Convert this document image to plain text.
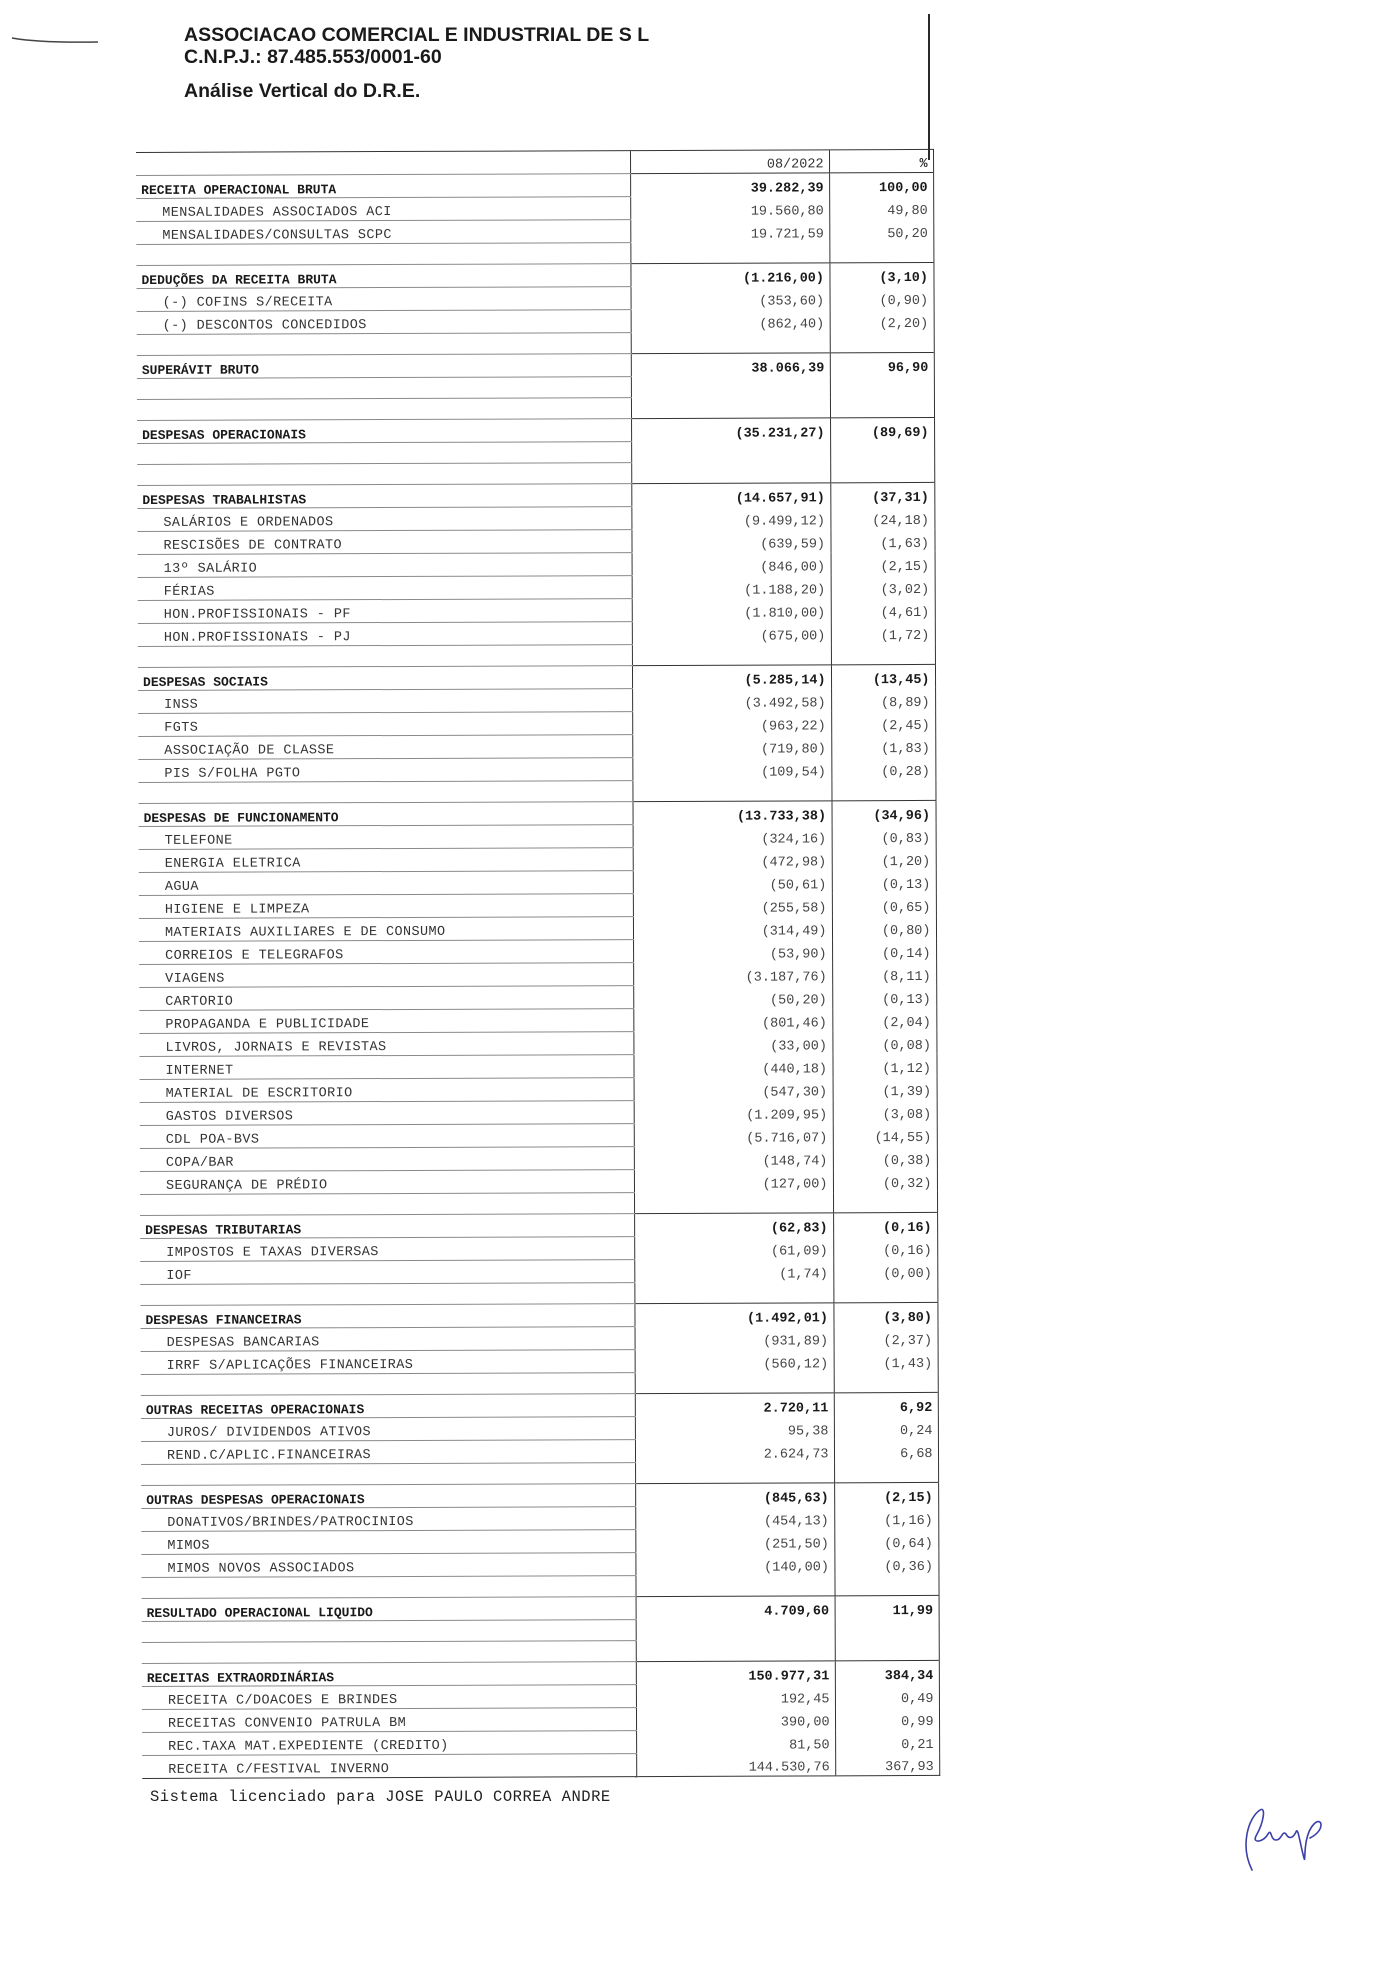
ASSOCIACAO COMERCIAL E INDUSTRIAL DE S L
C.N.P.J.: 87.485.553/0001-60
Análise Vertical do D.R.E.
	08/2022	%
RECEITA OPERACIONAL BRUTA	39.282,39	100,00
MENSALIDADES ASSOCIADOS ACI	19.560,80	49,80
MENSALIDADES/CONSULTAS SCPC	19.721,59	50,20

DEDUÇÕES DA RECEITA BRUTA	(1.216,00)	(3,10)
(-) COFINS S/RECEITA	(353,60)	(0,90)
(-) DESCONTOS CONCEDIDOS	(862,40)	(2,20)

SUPERÁVIT BRUTO	38.066,39	96,90

DESPESAS OPERACIONAIS	(35.231,27)	(89,69)

DESPESAS TRABALHISTAS	(14.657,91)	(37,31)
SALÁRIOS E ORDENADOS	(9.499,12)	(24,18)
RESCISÕES DE CONTRATO	(639,59)	(1,63)
13º SALÁRIO	(846,00)	(2,15)
FÉRIAS	(1.188,20)	(3,02)
HON.PROFISSIONAIS - PF	(1.810,00)	(4,61)
HON.PROFISSIONAIS - PJ	(675,00)	(1,72)

DESPESAS SOCIAIS	(5.285,14)	(13,45)
INSS	(3.492,58)	(8,89)
FGTS	(963,22)	(2,45)
ASSOCIAÇÃO DE CLASSE	(719,80)	(1,83)
PIS S/FOLHA PGTO	(109,54)	(0,28)

DESPESAS DE FUNCIONAMENTO	(13.733,38)	(34,96)
TELEFONE	(324,16)	(0,83)
ENERGIA ELETRICA	(472,98)	(1,20)
AGUA	(50,61)	(0,13)
HIGIENE E LIMPEZA	(255,58)	(0,65)
MATERIAIS AUXILIARES E DE CONSUMO	(314,49)	(0,80)
CORREIOS E TELEGRAFOS	(53,90)	(0,14)
VIAGENS	(3.187,76)	(8,11)
CARTORIO	(50,20)	(0,13)
PROPAGANDA E PUBLICIDADE	(801,46)	(2,04)
LIVROS, JORNAIS E REVISTAS	(33,00)	(0,08)
INTERNET	(440,18)	(1,12)
MATERIAL DE ESCRITORIO	(547,30)	(1,39)
GASTOS DIVERSOS	(1.209,95)	(3,08)
CDL POA-BVS	(5.716,07)	(14,55)
COPA/BAR	(148,74)	(0,38)
SEGURANÇA DE PRÉDIO	(127,00)	(0,32)

DESPESAS TRIBUTARIAS	(62,83)	(0,16)
IMPOSTOS E TAXAS DIVERSAS	(61,09)	(0,16)
IOF	(1,74)	(0,00)

DESPESAS FINANCEIRAS	(1.492,01)	(3,80)
DESPESAS BANCARIAS	(931,89)	(2,37)
IRRF S/APLICAÇÕES FINANCEIRAS	(560,12)	(1,43)

OUTRAS RECEITAS OPERACIONAIS	2.720,11	6,92
JUROS/ DIVIDENDOS ATIVOS	95,38	0,24
REND.C/APLIC.FINANCEIRAS	2.624,73	6,68

OUTRAS DESPESAS OPERACIONAIS	(845,63)	(2,15)
DONATIVOS/BRINDES/PATROCINIOS	(454,13)	(1,16)
MIMOS	(251,50)	(0,64)
MIMOS NOVOS ASSOCIADOS	(140,00)	(0,36)

RESULTADO OPERACIONAL LIQUIDO	4.709,60	11,99

RECEITAS EXTRAORDINÁRIAS	150.977,31	384,34
RECEITA C/DOACOES E BRINDES	192,45	0,49
RECEITAS CONVENIO PATRULA BM	390,00	0,99
REC.TAXA MAT.EXPEDIENTE (CREDITO)	81,50	0,21
RECEITA C/FESTIVAL INVERNO	144.530,76	367,93
Sistema licenciado para JOSE PAULO CORREA ANDRE
